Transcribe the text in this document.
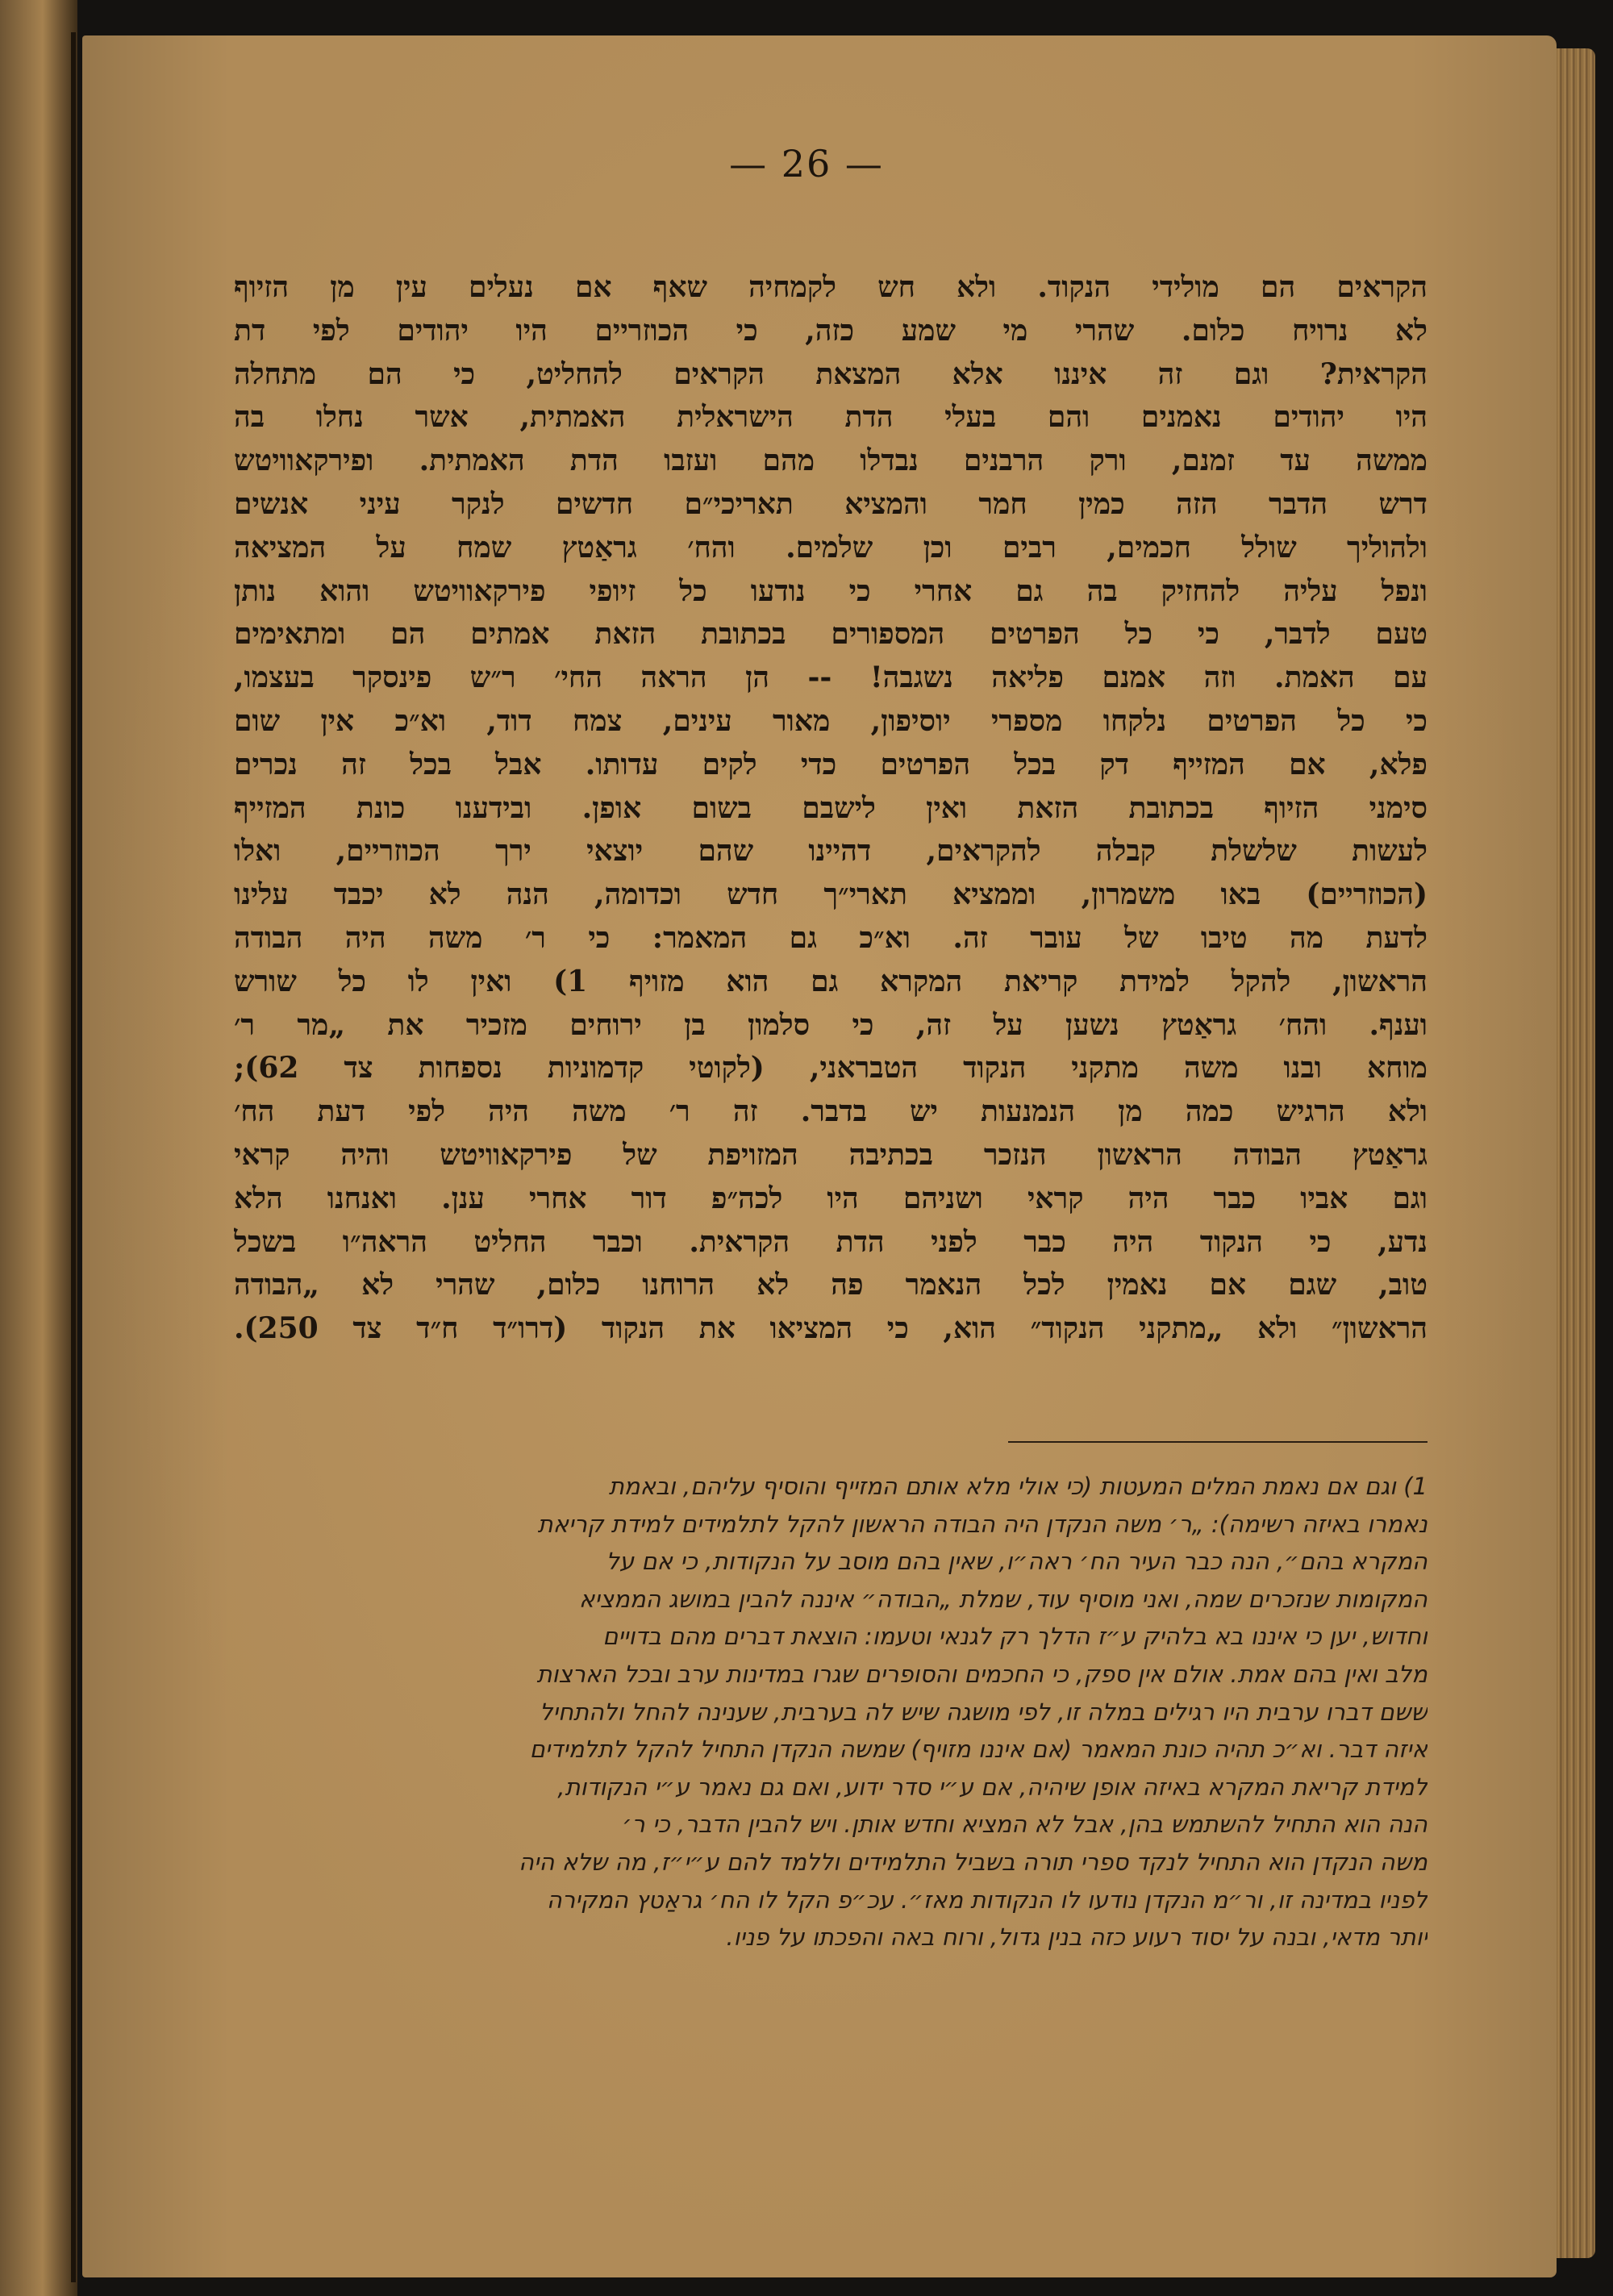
— 26 —
הקראים הם מולידי הנקוד. ולא חש לקמחיה שאף אם נעלים עין מן הזיוף
לא נרויח כלום. שהרי מי שמע כזה, כי הכוזריים היו יהודים לפי דת
הקראית? וגם זה איננו אלא המצאת הקראים להחליט, כי הם מתחלה
היו יהודים נאמנים והם בעלי הדת הישראלית האמתית, אשר נחלו בה
ממשה עד זמנם, ורק הרבנים נבדלו מהם ועזבו הדת האמתית. ופירקאוויטש
דרש הדבר הזה כמין חמר והמציא תאריכי״ם חדשים לנקר עיני אנשים
ולהוליך שולל חכמים, רבים וכן שלמים. והח׳ גראַטץ שמח על המציאה
ונפל עליה להחזיק בה גם אחרי כי נודעו כל זיופי פירקאוויטש והוא נותן
טעם לדבר, כי כל הפרטים המספורים בכתובת הזאת אמתים הם ומתאימים
עם האמת. וזה אמנם פליאה נשגבה! -- הן הראה החי׳ ר״ש פינסקר בעצמו,
כי כל הפרטים נלקחו מספרי יוסיפון, מאור עינים, צמח דוד, וא״כ אין שום
פלא, אם המזייף דק בכל הפרטים כדי לקים עדותו. אבל בכל זה נכרים
סימני הזיוף בכתובת הזאת ואין לישבם בשום אופן. ובידענו כונת המזייף
לעשות שלשלת קבלה להקראים, דהיינו שהם יוצאי ירך הכוזריים, ואלו
(הכוזריים) באו משמרון, וממציא תארי״ך חדש וכדומה, הנה לא יכבד עלינו
לדעת מה טיבו של עובר זה. וא״כ גם המאמר: כי ר׳ משה היה הבודה
הראשון, להקל למידת קריאת המקרא גם הוא מזויף 1) ואין לו כל שורש
וענף. והח׳ גראַטץ נשען על זה, כי סלמון בן ירוחים מזכיר את „מר ר׳
מוחא ובנו משה מתקני הנקוד הטבראני, (לקוטי קדמוניות נספחות צד 62);
ולא הרגיש כמה מן הנמנעות יש בדבר. זה ר׳ משה היה לפי דעת הח׳
גראַטץ הבודה הראשון הנזכר בכתיבה המזויפת של פירקאוויטש והיה קראי
וגם אביו כבר היה קראי ושניהם היו לכה״פ דור אחרי ענן. ואנחנו הלא
נדע, כי הנקוד היה כבר לפני הדת הקראית. וכבר החליט הראה״ו בשכל
טוב, שגם אם נאמין לכל הנאמר פה לא הרוחנו כלום, שהרי לא „הבודה
הראשון״ ולא „מתקני הנקוד״ הוא, כי המציאו את הנקוד (דרו״ד ח״ד צד 250).
1) וגם אם נאמת המלים המעטות (כי אולי מלא אותם המזייף והוסיף עליהם, ובאמת
נאמרו באיזה רשימה): „ר׳ משה הנקדן היה הבודה הראשון להקל לתלמידים למידת קריאת
המקרא בהם״, הנה כבר העיר הח׳ ראה״ו, שאין בהם מוסב על הנקודות, כי אם על
המקומות שנזכרים שמה, ואני מוסיף עוד, שמלת „הבודה״ איננה להבין במושג הממציא
וחדוש, יען כי איננו בא בלהיק ע״ז הדלך רק לגנאי וטעמו: הוצאת דברים מהם בדויים
מלב ואין בהם אמת. אולם אין ספק, כי החכמים והסופרים שגרו במדינות ערב ובכל הארצות
ששם דברו ערבית היו רגילים במלה זו, לפי מושגה שיש לה בערבית, שענינה להחל ולהתחיל
איזה דבר. וא״כ תהיה כונת המאמר (אם איננו מזויף) שמשה הנקדן התחיל להקל לתלמידים
למידת קריאת המקרא באיזה אופן שיהיה, אם ע״י סדר ידוע, ואם גם נאמר ע״י הנקודות,
הנה הוא התחיל להשתמש בהן, אבל לא המציא וחדש אותן. ויש להבין הדבר, כי ר׳
משה הנקדן הוא התחיל לנקד ספרי תורה בשביל התלמידים וללמד להם ע״י״ז, מה שלא היה
לפניו במדינה זו, ור״מ הנקדן נודעו לו הנקודות מאז״. עכ״פ הקל לו הח׳ גראַטץ המקירה
יותר מדאי, ובנה על יסוד רעוע כזה בנין גדול, ורוח באה והפכתו על פניו.
